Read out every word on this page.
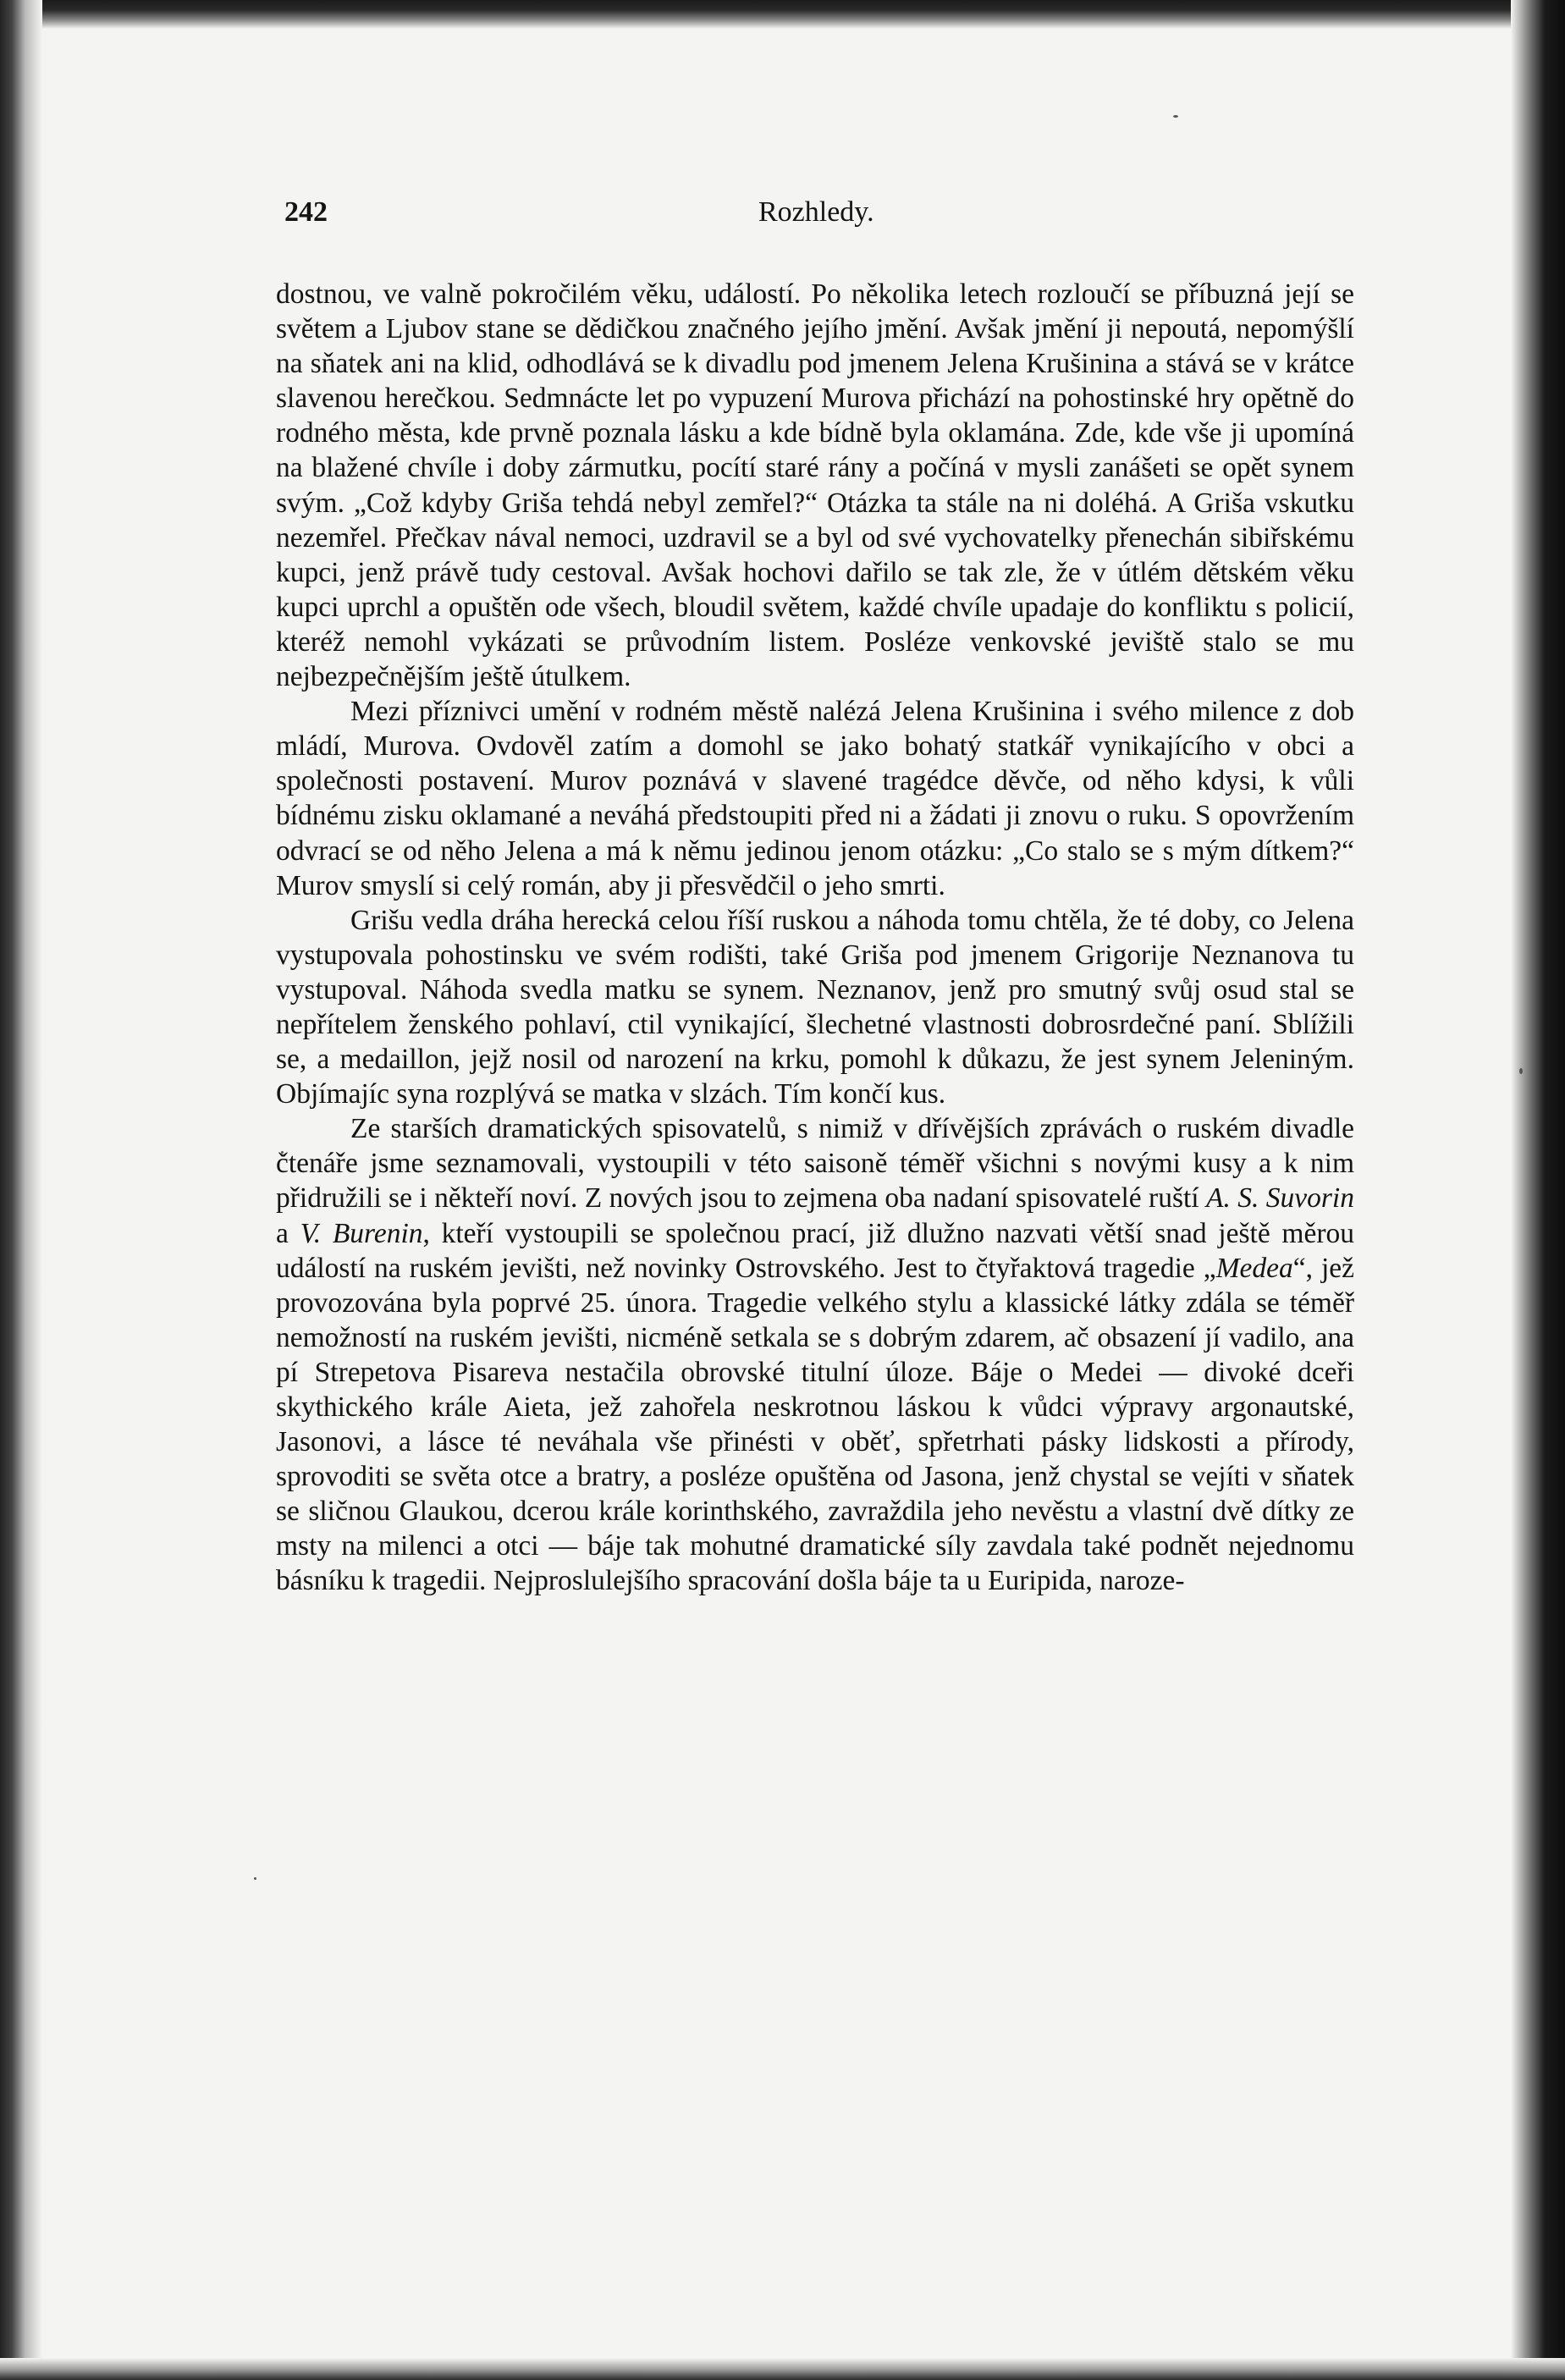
242	Rozhledy.

dostnou, ve valně pokročilém věku, událostí. Po několika letech rozloučí se příbuzná její se světem a Ljubov stane se dědičkou značného jejího jmění. Avšak jmění ji nepoutá, nepomýšlí na sňatek ani na klid, odhodlává se k divadlu pod jmenem Jelena Krušinina a stává se v krátce slavenou herečkou. Sedmnácte let po vypuzení Murova přichází na pohostinské hry opětně do rodného města, kde prvně poznala lásku a kde bídně byla oklamána. Zde, kde vše ji upomíná na blažené chvíle i doby zármutku, pocítí staré rány a počíná v mysli zanášeti se opět synem svým. „Což kdyby Griša tehdá nebyl zemřel?“ Otázka ta stále na ni doléhá. A Griša vskutku nezemřel. Přečkav nával nemoci, uzdravil se a byl od své vychovatelky přenechán sibiřskému kupci, jenž právě tudy cestoval. Avšak hochovi dařilo se tak zle, že v útlém dětském věku kupci uprchl a opuštěn ode všech, bloudil světem, každé chvíle upadaje do konfliktu s policií, kteréž nemohl vykázati se průvodním listem. Posléze venkovské jeviště stalo se mu nejbezpečnějším ještě útulkem.

Mezi příznivci umění v rodném městě nalézá Jelena Krušinina i svého milence z dob mládí, Murova. Ovdověl zatím a domohl se jako bohatý statkář vynikajícího v obci a společnosti postavení. Murov poznává v slavené tragédce děvče, od něho kdysi, k vůli bídnému zisku oklamané a neváhá předstoupiti před ni a žádati ji znovu o ruku. S opovržením odvrací se od něho Jelena a má k němu jedinou jenom otázku: „Co stalo se s mým dítkem?“ Murov smyslí si celý román, aby ji přesvědčil o jeho smrti.

Grišu vedla dráha herecká celou říší ruskou a náhoda tomu chtěla, že té doby, co Jelena vystupovala pohostinsku ve svém rodišti, také Griša pod jmenem Grigorije Neznanova tu vystupoval. Náhoda svedla matku se synem. Neznanov, jenž pro smutný svůj osud stal se nepřítelem ženského pohlaví, ctil vynikající, šlechetné vlastnosti dobrosrdečné paní. Sblížili se, a medaillon, jejž nosil od narození na krku, pomohl k důkazu, že jest synem Jeleniným. Objímajíc syna rozplývá se matka v slzách. Tím končí kus.

Ze starších dramatických spisovatelů, s nimiž v dřívějších zprávách o ruském divadle čtenáře jsme seznamovali, vystoupili v této saisoně téměř všichni s novými kusy a k nim přidružili se i někteří noví. Z nových jsou to zejmena oba nadaní spisovatelé ruští A. S. Suvorin a V. Burenin, kteří vystoupili se společnou prací, již dlužno nazvati větší snad ještě měrou událostí na ruském jevišti, než novinky Ostrovského. Jest to čtyřaktová tragedie „Medea“, jež provozována byla poprvé 25. února. Tragedie velkého stylu a klassické látky zdála se téměř nemožností na ruském jevišti, nicméně setkala se s dobrým zdarem, ač obsazení jí vadilo, ana pí Strepetova Pisareva nestačila obrovské titulní úloze. Báje o Medei — divoké dceři skythického krále Aieta, jež zahořela neskrotnou láskou k vůdci výpravy argonautské, Jasonovi, a lásce té neváhala vše přinésti v oběť, spřetrhati pásky lidskosti a přírody, sprovoditi se světa otce a bratry, a posléze opuštěna od Jasona, jenž chystal se vejíti v sňatek se sličnou Glaukou, dcerou krále korinthského, zavraždila jeho nevěstu a vlastní dvě dítky ze msty na milenci a otci — báje tak mohutné dramatické síly zavdala také podnět nejednomu básníku k tragedii. Nejproslulejšího spracování došla báje ta u Euripida, naroze-
